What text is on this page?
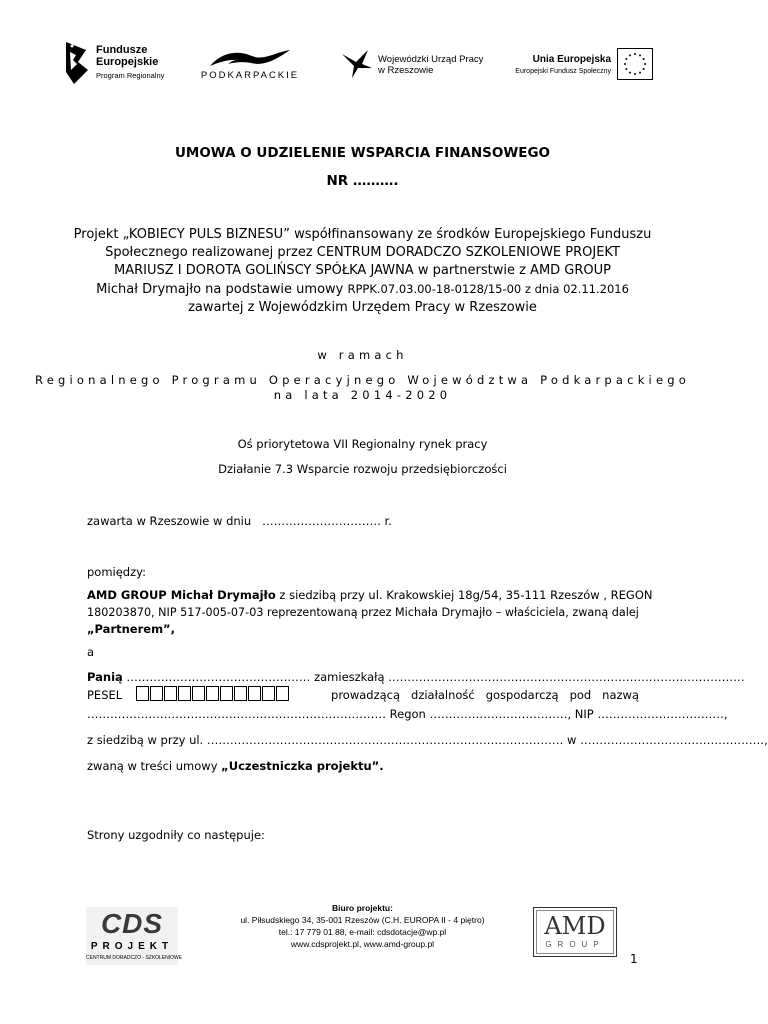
Fundusze
Europejskie
Program Regionalny	PODKARPACKIE
Wojewódzki Urząd Pracy
w Rzeszowie
Unia Europejska
Europejski Fundusz Społeczny
UMOWA O UDZIELENIE WSPARCIA FINANSOWEGO
NR ……….
Projekt „KOBIECY PULS BIZNESU” współfinansowany ze środków Europejskiego Funduszu
Społecznego realizowanej przez CENTRUM DORADCZO SZKOLENIOWE PROJEKT
MARIUSZ I DOROTA GOLIŃSCY SPÓŁKA JAWNA w partnerstwie z AMD GROUP
Michał Drymajło na podstawie umowy RPPK.07.03.00-18-0128/15-00 z dnia 02.11.2016
zawartej z Wojewódzkim Urzędem Pracy w Rzeszowie
w ramach
Regionalnego Programu Operacyjnego Województwa Podkarpackiego
na lata 2014-2020
Oś priorytetowa VII Regionalny rynek pracy
Działanie 7.3 Wsparcie rozwoju przedsiębiorczości
zawarta w Rzeszowie w dniu   …………………………. r.
pomiędzy:
AMD GROUP Michał Drymajło z siedzibą przy ul. Krakowskiej 18g/54, 35-111 Rzeszów , REGON
180203870, NIP 517-005-07-03 reprezentowaną przez Michała Drymajło – właściciela, zwaną dalej
„Partnerem”,
a
Panią ………………………………………… zamieszkałą …………………………………………………………………………………
PESEL	prowadzącą   działalność   gospodarczą   pod   nazwą
…………………………………………………………………… Regon ………………………………, NIP ……………………………,
z siedzibą w przy ul. ………………………………………………………………………………… w …………………………………………,
zwaną w treści umowy „Uczestniczka projektu”.
Strony uzgodniły co następuje:
CDS
PROJEKT
CENTRUM DORADCZO - SZKOLENIOWE
Biuro projektu:
ul. Piłsudskiego 34, 35-001 Rzeszów (C.H. EUROPA II - 4 piętro)
tel.: 17 779 01 88, e-mail: cdsdotacje@wp.pl
www.cdsprojekt.pl, www.amd-group.pl
AMD
GROUP
1
